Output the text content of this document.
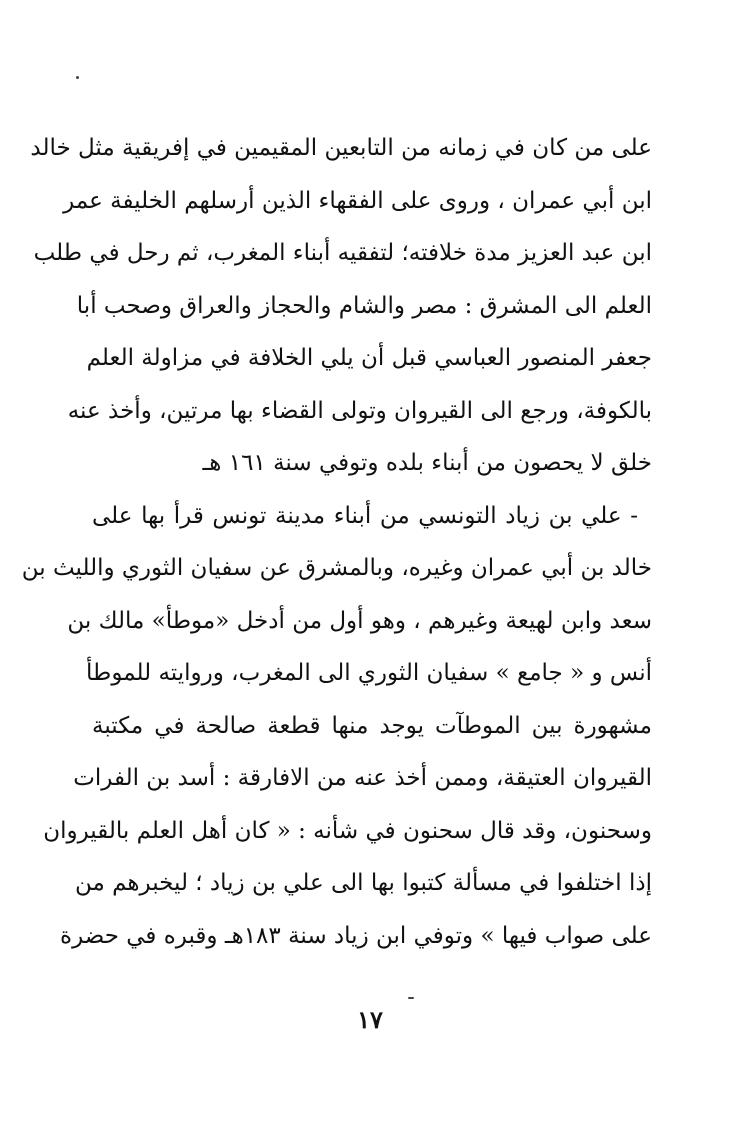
على من كان في زمانه من التابعين المقيمين في إفريقية مثل خالد
ابن أبي عمران ، وروى على الفقهاء الذين أرسلهم الخليفة عمر
ابن عبد العزيز مدة خلافته؛ لتفقيه أبناء المغرب، ثم رحل في طلب
العلم الى المشرق : مصر والشام والحجاز والعراق وصحب أبا
جعفر المنصور العباسي قبل أن يلي الخلافة في مزاولة العلم
بالكوفة، ورجع الى القيروان وتولى القضاء بها مرتين، وأخذ عنه
خلق لا يحصون من أبناء بلده وتوفي سنة ١٦١ هـ
- علي بن زياد التونسي من أبناء مدينة تونس قرأ بها على
خالد بن أبي عمران وغيره، وبالمشرق عن سفيان الثوري والليث بن
سعد وابن لهيعة وغيرهم ، وهو أول من أدخل «موطأ» مالك بن
أنس و « جامع » سفيان الثوري الى المغرب، وروايته للموطأ
مشهورة بين الموطآت يوجد منها قطعة صالحة في مكتبة
القيروان العتيقة، وممن أخذ عنه من الافارقة : أسد بن الفرات
وسحنون، وقد قال سحنون في شأنه : « كان أهل العلم بالقيروان
إذا اختلفوا في مسألة كتبوا بها الى علي بن زياد ؛ ليخبرهم من
على صواب فيها » وتوفي ابن زياد سنة ١٨٣هـ وقبره في حضرة
١٧
